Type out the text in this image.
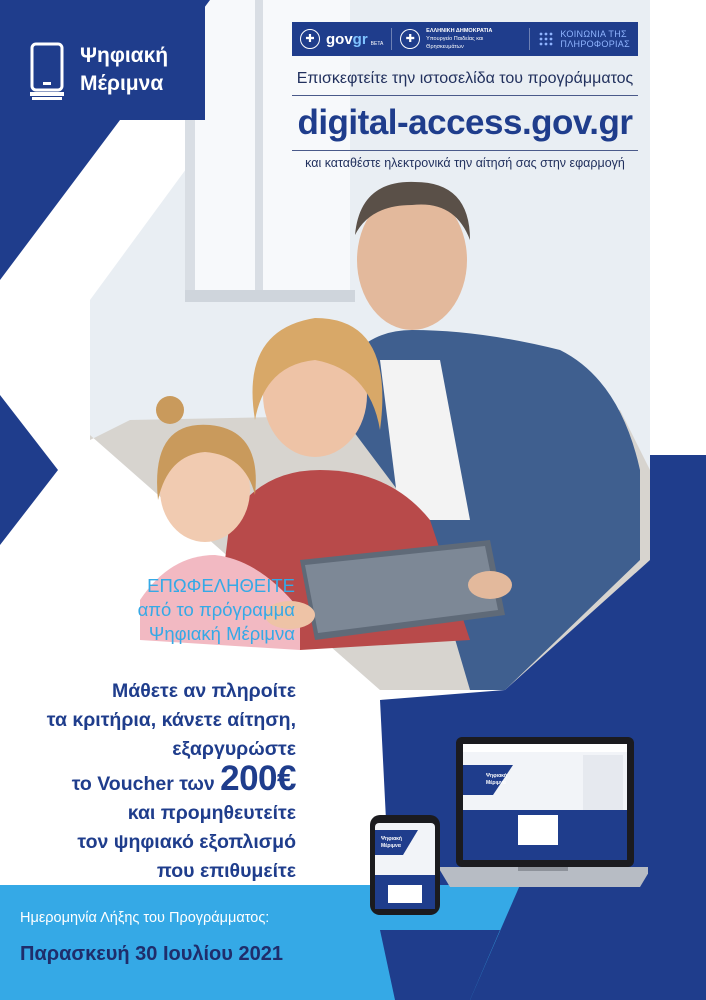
Ψηφιακή
Μέριμνα
✚ govgr BETA	✚
ΕΛΛΗΝΙΚΗ ΔΗΜΟΚΡΑΤΙΑ
Υπουργείο Παιδείας και Θρησκευμάτων
ΚΟΙΝΩΝΙΑ ΤΗΣ
ΠΛΗΡΟΦΟΡΙΑΣ
Επισκεφτείτε την ιστοσελίδα του προγράμματος
digital-access.gov.gr
και καταθέστε ηλεκτρονικά την αίτησή σας στην εφαρμογή
ΕΠΩΦΕΛΗΘΕΙΤΕ
από το πρόγραμμα
Ψηφιακή Μέριμνα
Μάθετε αν πληροίτε
τα κριτήρια, κάνετε αίτηση,
εξαργυρώστε
το Voucher των 200€
και προμηθευτείτε
τον ψηφιακό εξοπλισμό
που επιθυμείτε
Ψηφιακή
Μέριμνα
Ψηφιακή
Μέριμνα
Ημερομηνία Λήξης του Προγράμματος:
Παρασκευή 30 Ιουλίου 2021
